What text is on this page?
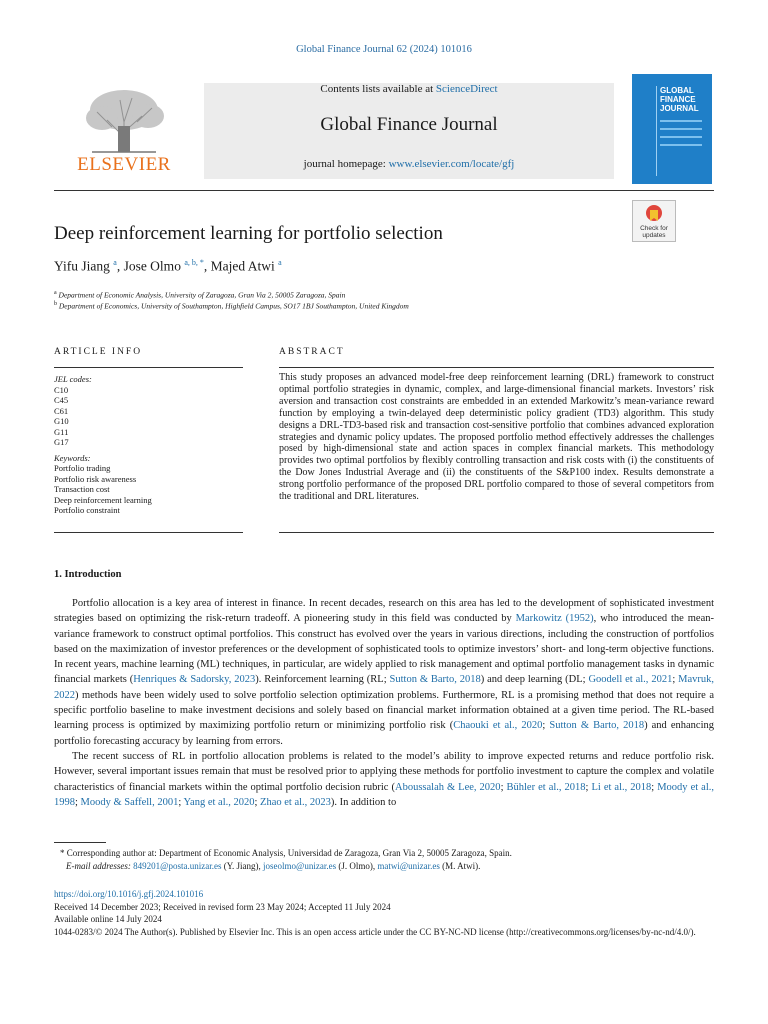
Global Finance Journal 62 (2024) 101016
ELSEVIER
Contents lists available at ScienceDirect
Global Finance Journal
journal homepage: www.elsevier.com/locate/gfj
GLOBAL
FINANCE
JOURNAL
Check for
updates
Deep reinforcement learning for portfolio selection
Yifu Jiang $^a$, Jose Olmo $^{a, b, *}$, Majed Atwi $^a$
$^a$ Department of Economic Analysis, University of Zaragoza, Gran Via 2, 50005 Zaragoza, Spain
$^b$ Department of Economics, University of Southampton, Highfield Campus, SO17 1BJ Southampton, United Kingdom
ARTICLE INFO	ABSTRACT
JEL codes:
C10
C45
C61
G10
G11
G17
Keywords:
Portfolio trading
Portfolio risk awareness
Transaction cost
Deep reinforcement learning
Portfolio constraint
This study proposes an advanced model-free deep reinforcement learning (DRL) framework to construct optimal portfolio strategies in dynamic, complex, and large-dimensional financial markets. Investors’ risk aversion and transaction cost constraints are embedded in an extended Markowitz’s mean-variance reward function by employing a twin-delayed deep deterministic policy gradient (TD3) algorithm. This study designs a DRL-TD3-based risk and transaction cost-sensitive portfolio that combines advanced exploration strategies and dynamic policy updates. The proposed portfolio method effectively addresses the challenges posed by high-dimensional state and action spaces in complex financial markets. This methodology provides two optimal portfolios by flexibly controlling transaction and risk costs with (i) the constituents of the Dow Jones Industrial Average and (ii) the constituents of the S&P100 index. Results demonstrate a strong portfolio performance of the proposed DRL portfolio compared to those of several competitors from the traditional and DRL literatures.
1. Introduction

Portfolio allocation is a key area of interest in finance. In recent decades, research on this area has led to the development of sophisticated investment strategies based on optimizing the risk-return tradeoff. A pioneering study in this field was conducted by Markowitz (1952), who introduced the mean-variance framework to construct optimal portfolios. This construct has evolved over the years in various directions, including the construction of portfolios based on the maximization of investor preferences or the development of sophisticated tools to optimize investors’ short- and long-term objective functions. In recent years, machine learning (ML) techniques, in particular, are widely applied to risk management and optimal portfolio management tasks in dynamic financial markets (Henriques & Sadorsky, 2023). Reinforcement learning (RL; Sutton & Barto, 2018) and deep learning (DL; Goodell et al., 2021; Mavruk, 2022) methods have been widely used to solve portfolio selection optimization problems. Furthermore, RL is a promising method that does not require a specific portfolio baseline to make investment decisions and solely based on financial market information obtained at a given time period. The RL-based learning process is optimized by maximizing portfolio return or minimizing portfolio risk (Chaouki et al., 2020; Sutton & Barto, 2018) and enhancing portfolio forecasting accuracy by learning from errors.

The recent success of RL in portfolio allocation problems is related to the model’s ability to improve expected returns and reduce portfolio risk. However, several important issues remain that must be resolved prior to applying these methods for portfolio investment to capture the complex and volatile characteristics of financial markets within the optimal portfolio decision rubric (Aboussalah & Lee, 2020; Bühler et al., 2018; Li et al., 2018; Moody et al., 1998; Moody & Saffell, 2001; Yang et al., 2020; Zhao et al., 2023). In addition to

* Corresponding author at: Department of Economic Analysis, Universidad de Zaragoza, Gran Via 2, 50005 Zaragoza, Spain.
E-mail addresses: 849201@posta.unizar.es (Y. Jiang), joseolmo@unizar.es (J. Olmo), matwi@unizar.es (M. Atwi).
https://doi.org/10.1016/j.gfj.2024.101016
Received 14 December 2023; Received in revised form 23 May 2024; Accepted 11 July 2024
Available online 14 July 2024
1044-0283/© 2024 The Author(s). Published by Elsevier Inc. This is an open access article under the CC BY-NC-ND license (http://creativecommons.org/licenses/by-nc-nd/4.0/).
